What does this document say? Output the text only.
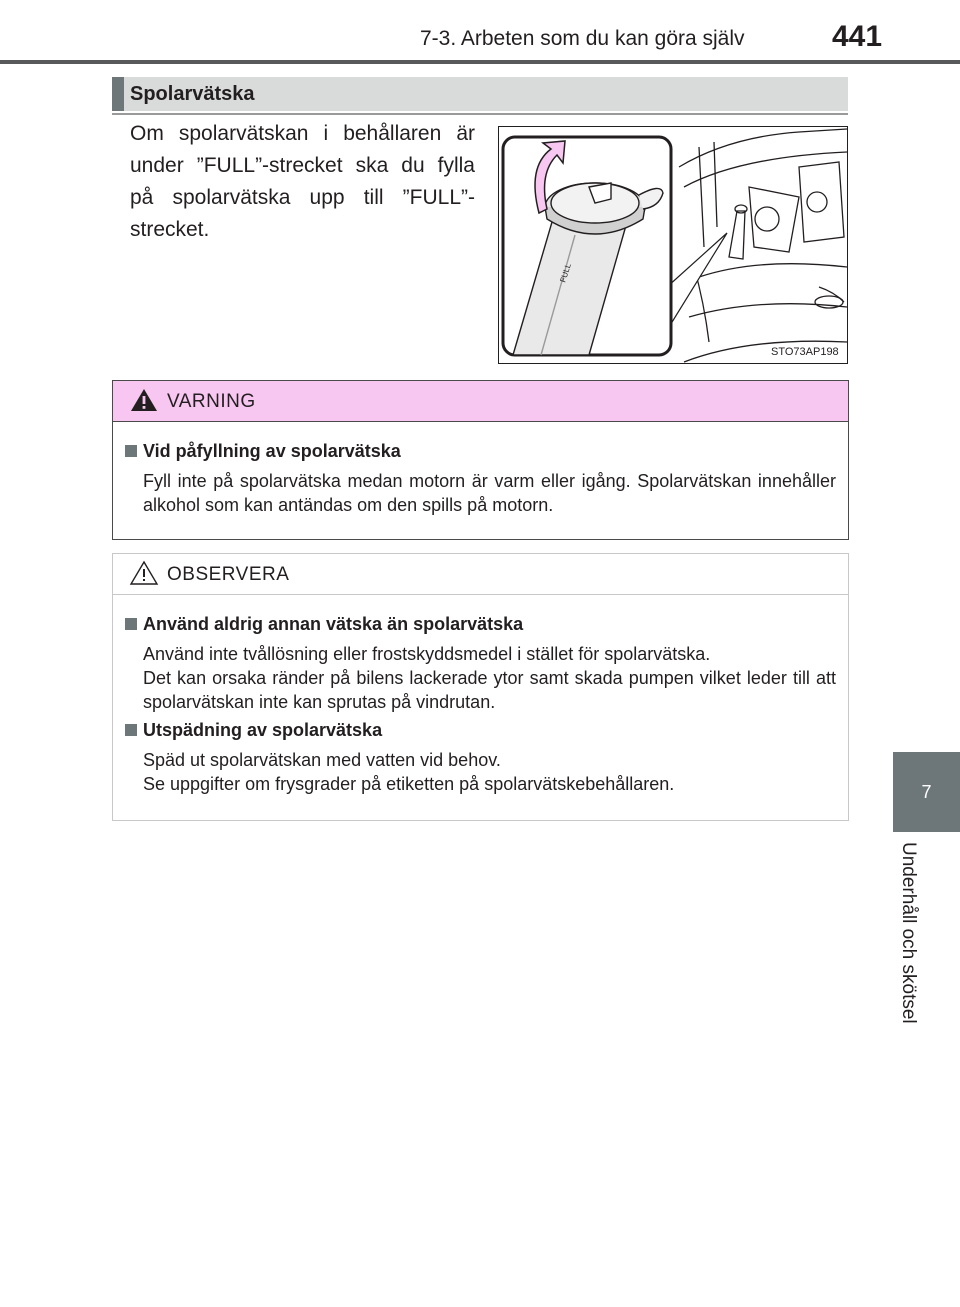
7-3. Arbeten som du kan göra själv	441
7
Underhåll och skötsel
Spolarvätska
Om spolarvätskan i behållaren är under ”FULL”-strecket ska du fylla på spolarvätska upp till ”FULL”-strecket.
FULL
STO73AP198
VARNING
Vid påfyllning av spolarvätska

Fyll inte på spolarvätska medan motorn är varm eller igång. Spolarvätskan innehåller alkohol som kan antändas om den spills på motorn.

OBSERVERA
Använd aldrig annan vätska än spolarvätska

Använd inte tvållösning eller frostskyddsmedel i stället för spolarvätska.

Det kan orsaka ränder på bilens lackerade ytor samt skada pumpen vilket leder till att spolarvätskan inte kan sprutas på vindrutan.

Utspädning av spolarvätska

Späd ut spolarvätskan med vatten vid behov.

Se uppgifter om frysgrader på etiketten på spolarvätskebehållaren.
